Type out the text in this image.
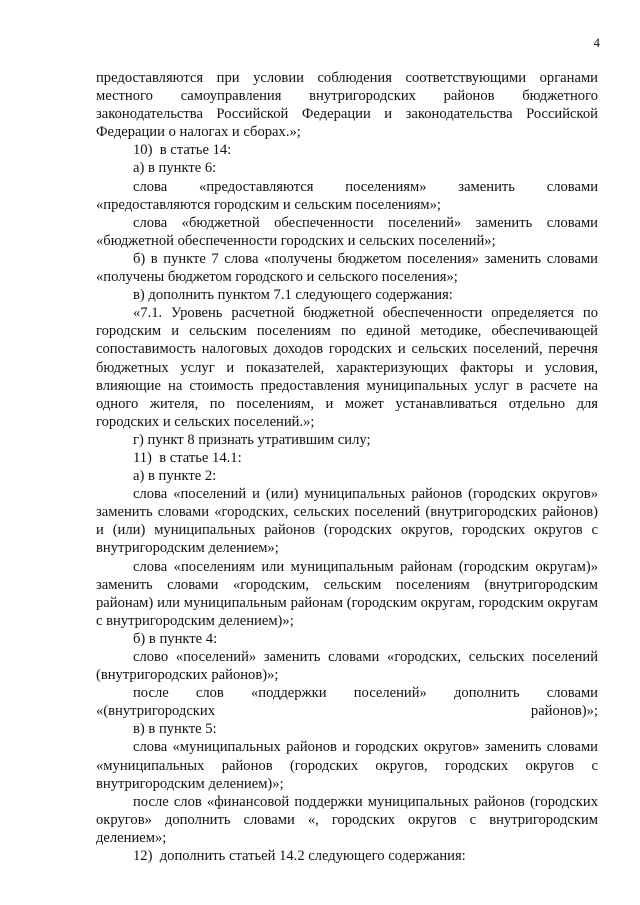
4

предоставляются при условии соблюдения соответствующими органами местного самоуправления внутригородских районов бюджетного законодательства Российской Федерации и законодательства Российской Федерации о налогах и сборах.»;

10)  в статье 14:

а) в пункте 6:

слова «предоставляются поселениям» заменить словами «предоставляются городским и сельским поселениям»;

слова «бюджетной обеспеченности поселений» заменить словами «бюджетной обеспеченности городских и сельских поселений»;

б) в пункте 7 слова «получены бюджетом поселения» заменить словами «получены бюджетом городского и сельского поселения»;

в) дополнить пунктом 7.1 следующего содержания:

«7.1. Уровень расчетной бюджетной обеспеченности определяется по городским и сельским поселениям по единой методике, обеспечивающей сопоставимость налоговых доходов городских и сельских поселений, перечня бюджетных услуг и показателей, характеризующих факторы и условия, влияющие на стоимость предоставления муниципальных услуг в расчете на одного жителя, по поселениям, и может устанавливаться отдельно для городских и сельских поселений.»;

г) пункт 8 признать утратившим силу;

11)  в статье 14.1:

а) в пункте 2:

слова «поселений и (или) муниципальных районов (городских округов» заменить словами «городских, сельских поселений (внутригородских районов) и (или) муниципальных районов (городских округов, городских округов с внутригородским делением»;

слова «поселениям или муниципальным районам (городским округам)» заменить словами «городским, сельским поселениям (внутригородским районам) или муниципальным районам (городским округам, городским округам с внутригородским делением)»;

б) в пункте 4:

слово «поселений» заменить словами «городских, сельских поселений (внутригородских районов)»;

после слов «поддержки поселений» дополнить словами «(внутригородских районов)»;

в) в пункте 5:

слова «муниципальных районов и городских округов» заменить словами «муниципальных районов (городских округов, городских округов с внутригородским делением)»;

после слов «финансовой поддержки муниципальных районов (городских округов» дополнить словами «, городских округов с внутригородским делением»;

12)  дополнить статьей 14.2 следующего содержания:
